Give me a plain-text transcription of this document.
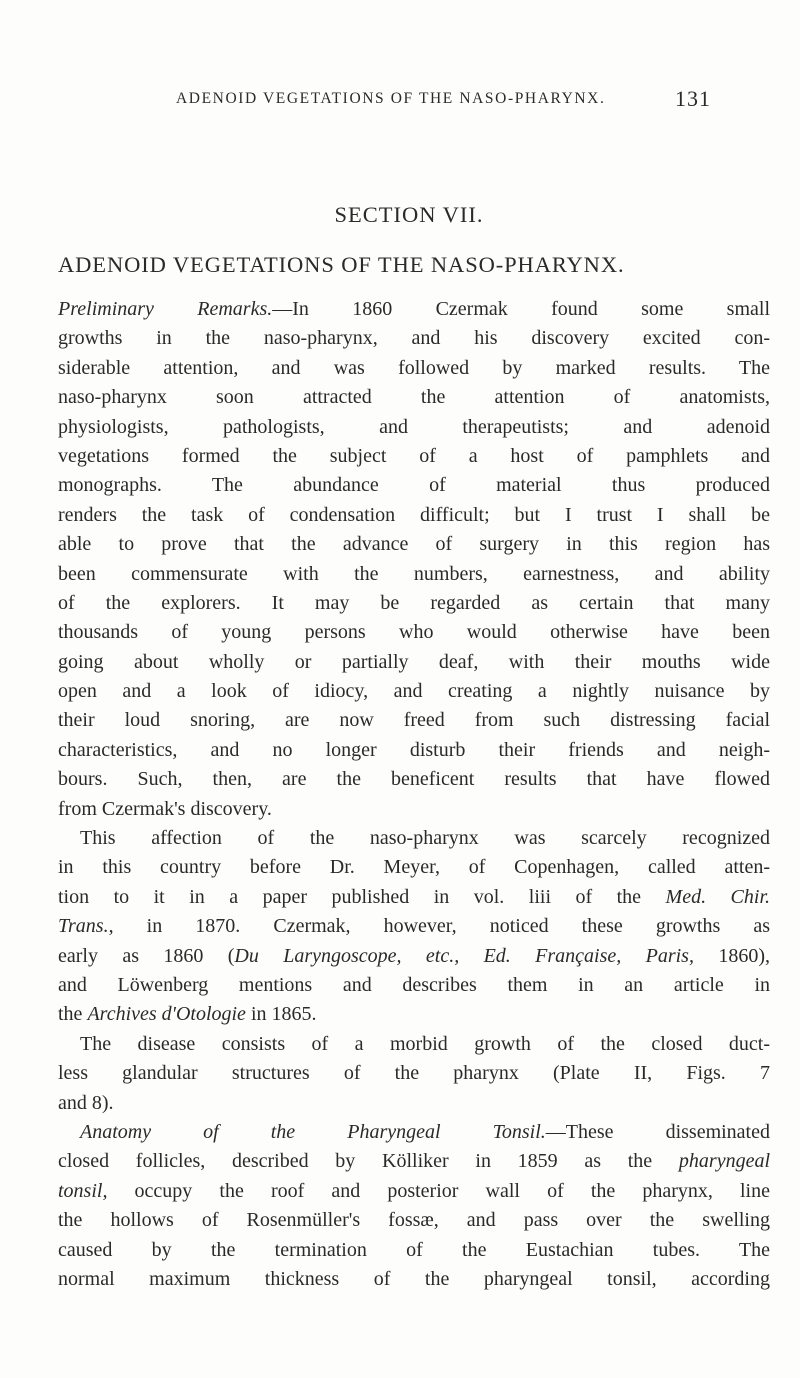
ADENOID VEGETATIONS OF THE NASO-PHARYNX.	131
SECTION VII.
ADENOID VEGETATIONS OF THE NASO-PHARYNX.
Preliminary Remarks.—In 1860 Czermak found some small
growths in the naso-pharynx, and his discovery excited con-
siderable attention, and was followed by marked results. The
naso-pharynx soon attracted the attention of anatomists,
physiologists, pathologists, and therapeutists; and adenoid
vegetations formed the subject of a host of pamphlets and
monographs. The abundance of material thus produced
renders the task of condensation difficult; but I trust I shall be
able to prove that the advance of surgery in this region has
been commensurate with the numbers, earnestness, and ability
of the explorers. It may be regarded as certain that many
thousands of young persons who would otherwise have been
going about wholly or partially deaf, with their mouths wide
open and a look of idiocy, and creating a nightly nuisance by
their loud snoring, are now freed from such distressing facial
characteristics, and no longer disturb their friends and neigh-
bours. Such, then, are the beneficent results that have flowed
from Czermak's discovery.
This affection of the naso-pharynx was scarcely recognized
in this country before Dr. Meyer, of Copenhagen, called atten-
tion to it in a paper published in vol. liii of the Med. Chir.
Trans., in 1870. Czermak, however, noticed these growths as
early as 1860 (Du Laryngoscope, etc., Ed. Française, Paris, 1860),
and Löwenberg mentions and describes them in an article in
the Archives d'Otologie in 1865.
The disease consists of a morbid growth of the closed duct-
less glandular structures of the pharynx (Plate II, Figs. 7
and 8).
Anatomy of the Pharyngeal Tonsil.—These disseminated
closed follicles, described by Kölliker in 1859 as the pharyngeal
tonsil, occupy the roof and posterior wall of the pharynx, line
the hollows of Rosenmüller's fossæ, and pass over the swelling
caused by the termination of the Eustachian tubes. The
normal maximum thickness of the pharyngeal tonsil, according
